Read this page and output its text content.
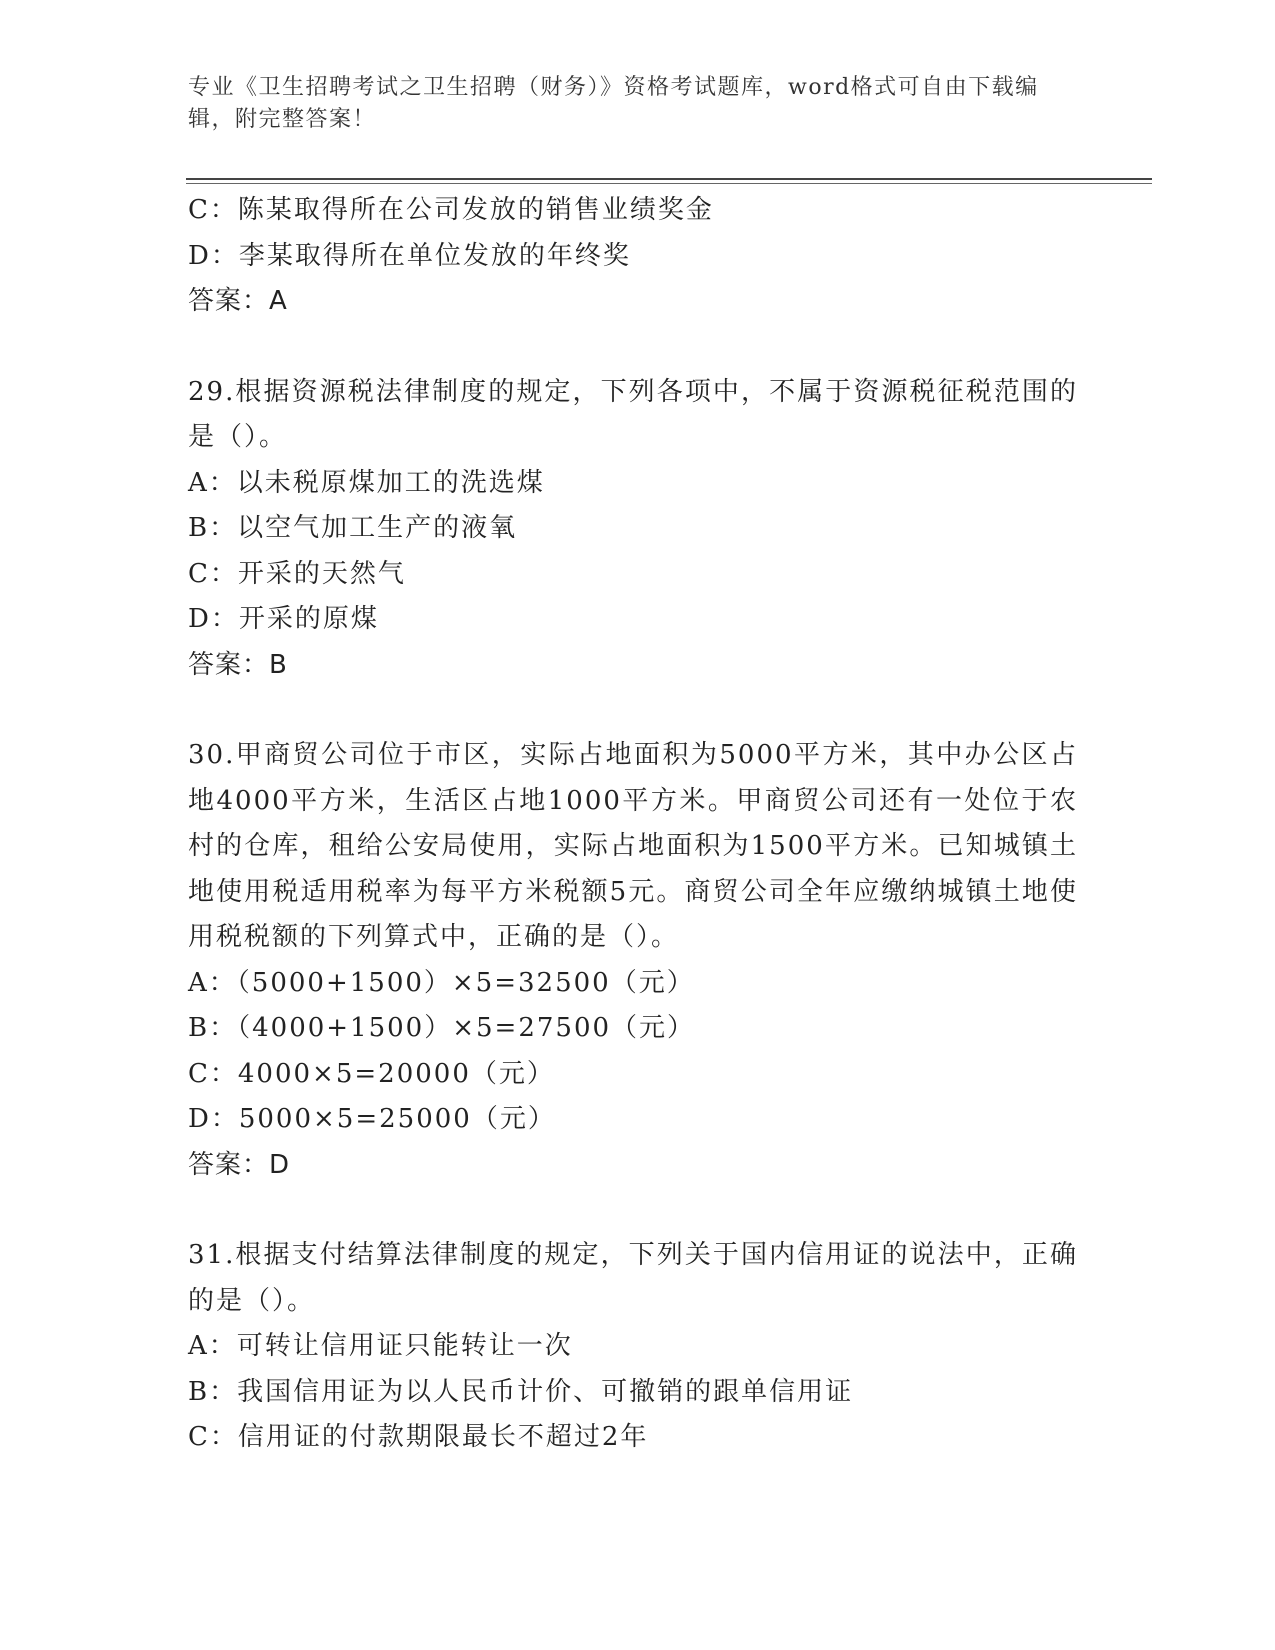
专业《卫生招聘考试之卫生招聘（财务）》资格考试题库，word格式可自由下载编辑，附完整答案！

C：陈某取得所在公司发放的销售业绩奖金

D：李某取得所在单位发放的年终奖

答案：A

29.根据资源税法律制度的规定，下列各项中，不属于资源税征税范围的是（）。

A：以未税原煤加工的洗选煤

B：以空气加工生产的液氧

C：开采的天然气

D：开采的原煤

答案：B

30.甲商贸公司位于市区，实际占地面积为5000平方米，其中办公区占地4000平方米，生活区占地1000平方米。甲商贸公司还有一处位于农村的仓库，租给公安局使用，实际占地面积为1500平方米。已知城镇土地使用税适用税率为每平方米税额5元。商贸公司全年应缴纳城镇土地使用税税额的下列算式中，正确的是（）。

A：（5000+1500）×5=32500（元）

B：（4000+1500）×5=27500（元）

C：4000×5=20000（元）

D：5000×5=25000（元）

答案：D

31.根据支付结算法律制度的规定，下列关于国内信用证的说法中，正确的是（）。

A：可转让信用证只能转让一次

B：我国信用证为以人民币计价、可撤销的跟单信用证

C：信用证的付款期限最长不超过2年
